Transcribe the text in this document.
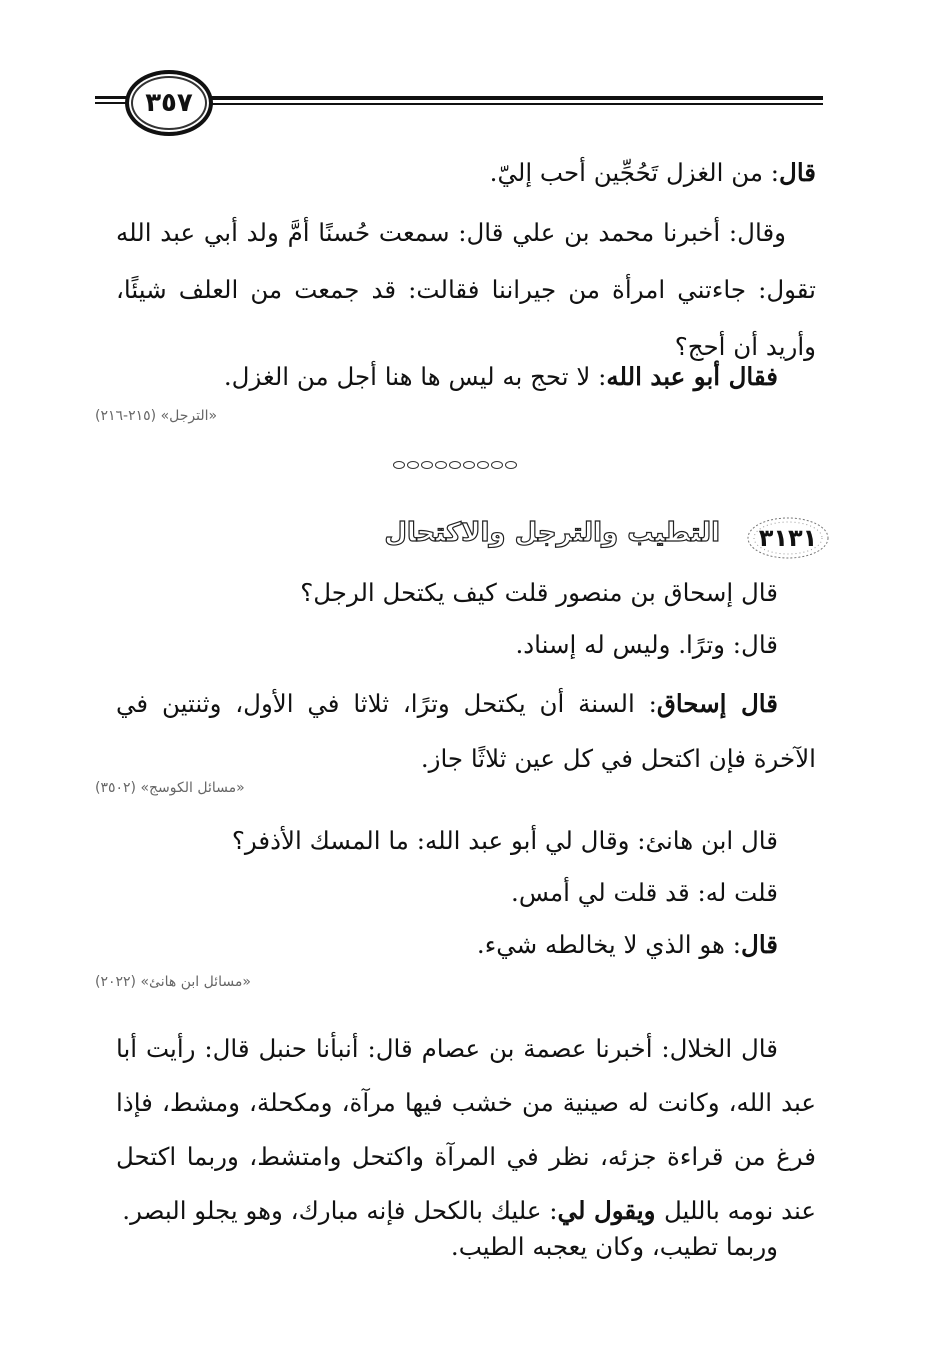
٣٥٧
قال: من الغزل تَحُجِّين أحب إليّ.
وقال: أخبرنا محمد بن علي قال: سمعت حُسنًا أمَّ ولد أبي عبد الله تقول: جاءتني امرأة من جيراننا فقالت: قد جمعت من العلف شيئًا، وأريد أن أحج؟
فقال أبو عبد الله: لا تحج به ليس ها هنا أجل من الغزل.
«الترجل» (٢١٥-٢١٦)
٣١٣١
التطيب والترجل والاكتحال
قال إسحاق بن منصور قلت كيف يكتحل الرجل؟
قال: وترًا. وليس له إسناد.
قال إسحاق: السنة أن يكتحل وترًا، ثلاثا في الأول، وثنتين في الآخرة فإن اكتحل في كل عين ثلاثًا جاز.
«مسائل الكوسج» (٣٥٠٢)
قال ابن هانئ: وقال لي أبو عبد الله: ما المسك الأذفر؟
قلت له: قد قلت لي أمس.
قال: هو الذي لا يخالطه شيء.
«مسائل ابن هانئ» (٢٠٢٢)
قال الخلال: أخبرنا عصمة بن عصام قال: أنبأنا حنبل قال: رأيت أبا عبد الله، وكانت له صينية من خشب فيها مرآة، ومكحلة، ومشط، فإذا فرغ من قراءة جزئه، نظر في المرآة واكتحل وامتشط، وربما اكتحل عند نومه بالليل ويقول لي: عليك بالكحل فإنه مبارك، وهو يجلو البصر.
وربما تطيب، وكان يعجبه الطيب.
